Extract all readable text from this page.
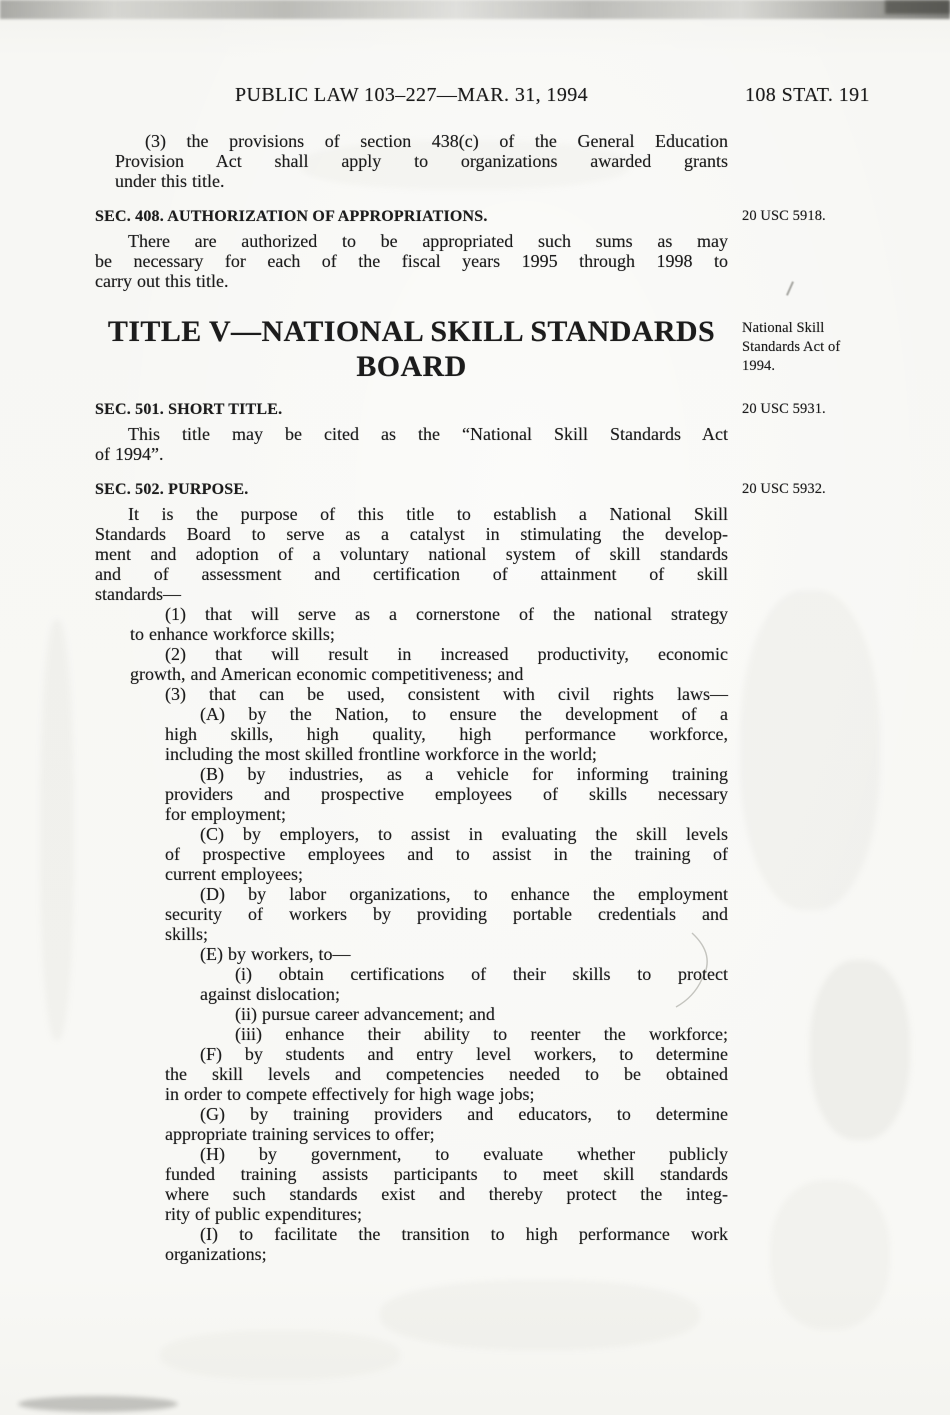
PUBLIC LAW 103–227—MAR. 31, 1994	108 STAT. 191
(3) the provisions of section 438(c) of the General Education
Provision Act shall apply to organizations awarded grants
under this title.
SEC. 408. AUTHORIZATION OF APPROPRIATIONS.	20 USC 5918.
There are authorized to be appropriated such sums as may
be necessary for each of the fiscal years 1995 through 1998 to
carry out this title.
TITLE V—NATIONAL SKILL STANDARDS
BOARD
National Skill
Standards Act of
1994.
SEC. 501. SHORT TITLE.	20 USC 5931.
This title may be cited as the “National Skill Standards Act
of 1994”.
SEC. 502. PURPOSE.	20 USC 5932.
It is the purpose of this title to establish a National Skill
Standards Board to serve as a catalyst in stimulating the develop-
ment and adoption of a voluntary national system of skill standards
and of assessment and certification of attainment of skill
standards—
(1) that will serve as a cornerstone of the national strategy
to enhance workforce skills;
(2) that will result in increased productivity, economic
growth, and American economic competitiveness; and
(3) that can be used, consistent with civil rights laws—
(A) by the Nation, to ensure the development of a
high skills, high quality, high performance workforce,
including the most skilled frontline workforce in the world;
(B) by industries, as a vehicle for informing training
providers and prospective employees of skills necessary
for employment;
(C) by employers, to assist in evaluating the skill levels
of prospective employees and to assist in the training of
current employees;
(D) by labor organizations, to enhance the employment
security of workers by providing portable credentials and
skills;
(E) by workers, to—
(i) obtain certifications of their skills to protect
against dislocation;
(ii) pursue career advancement; and
(iii) enhance their ability to reenter the workforce;
(F) by students and entry level workers, to determine
the skill levels and competencies needed to be obtained
in order to compete effectively for high wage jobs;
(G) by training providers and educators, to determine
appropriate training services to offer;
(H) by government, to evaluate whether publicly
funded training assists participants to meet skill standards
where such standards exist and thereby protect the integ-
rity of public expenditures;
(I) to facilitate the transition to high performance work
organizations;
